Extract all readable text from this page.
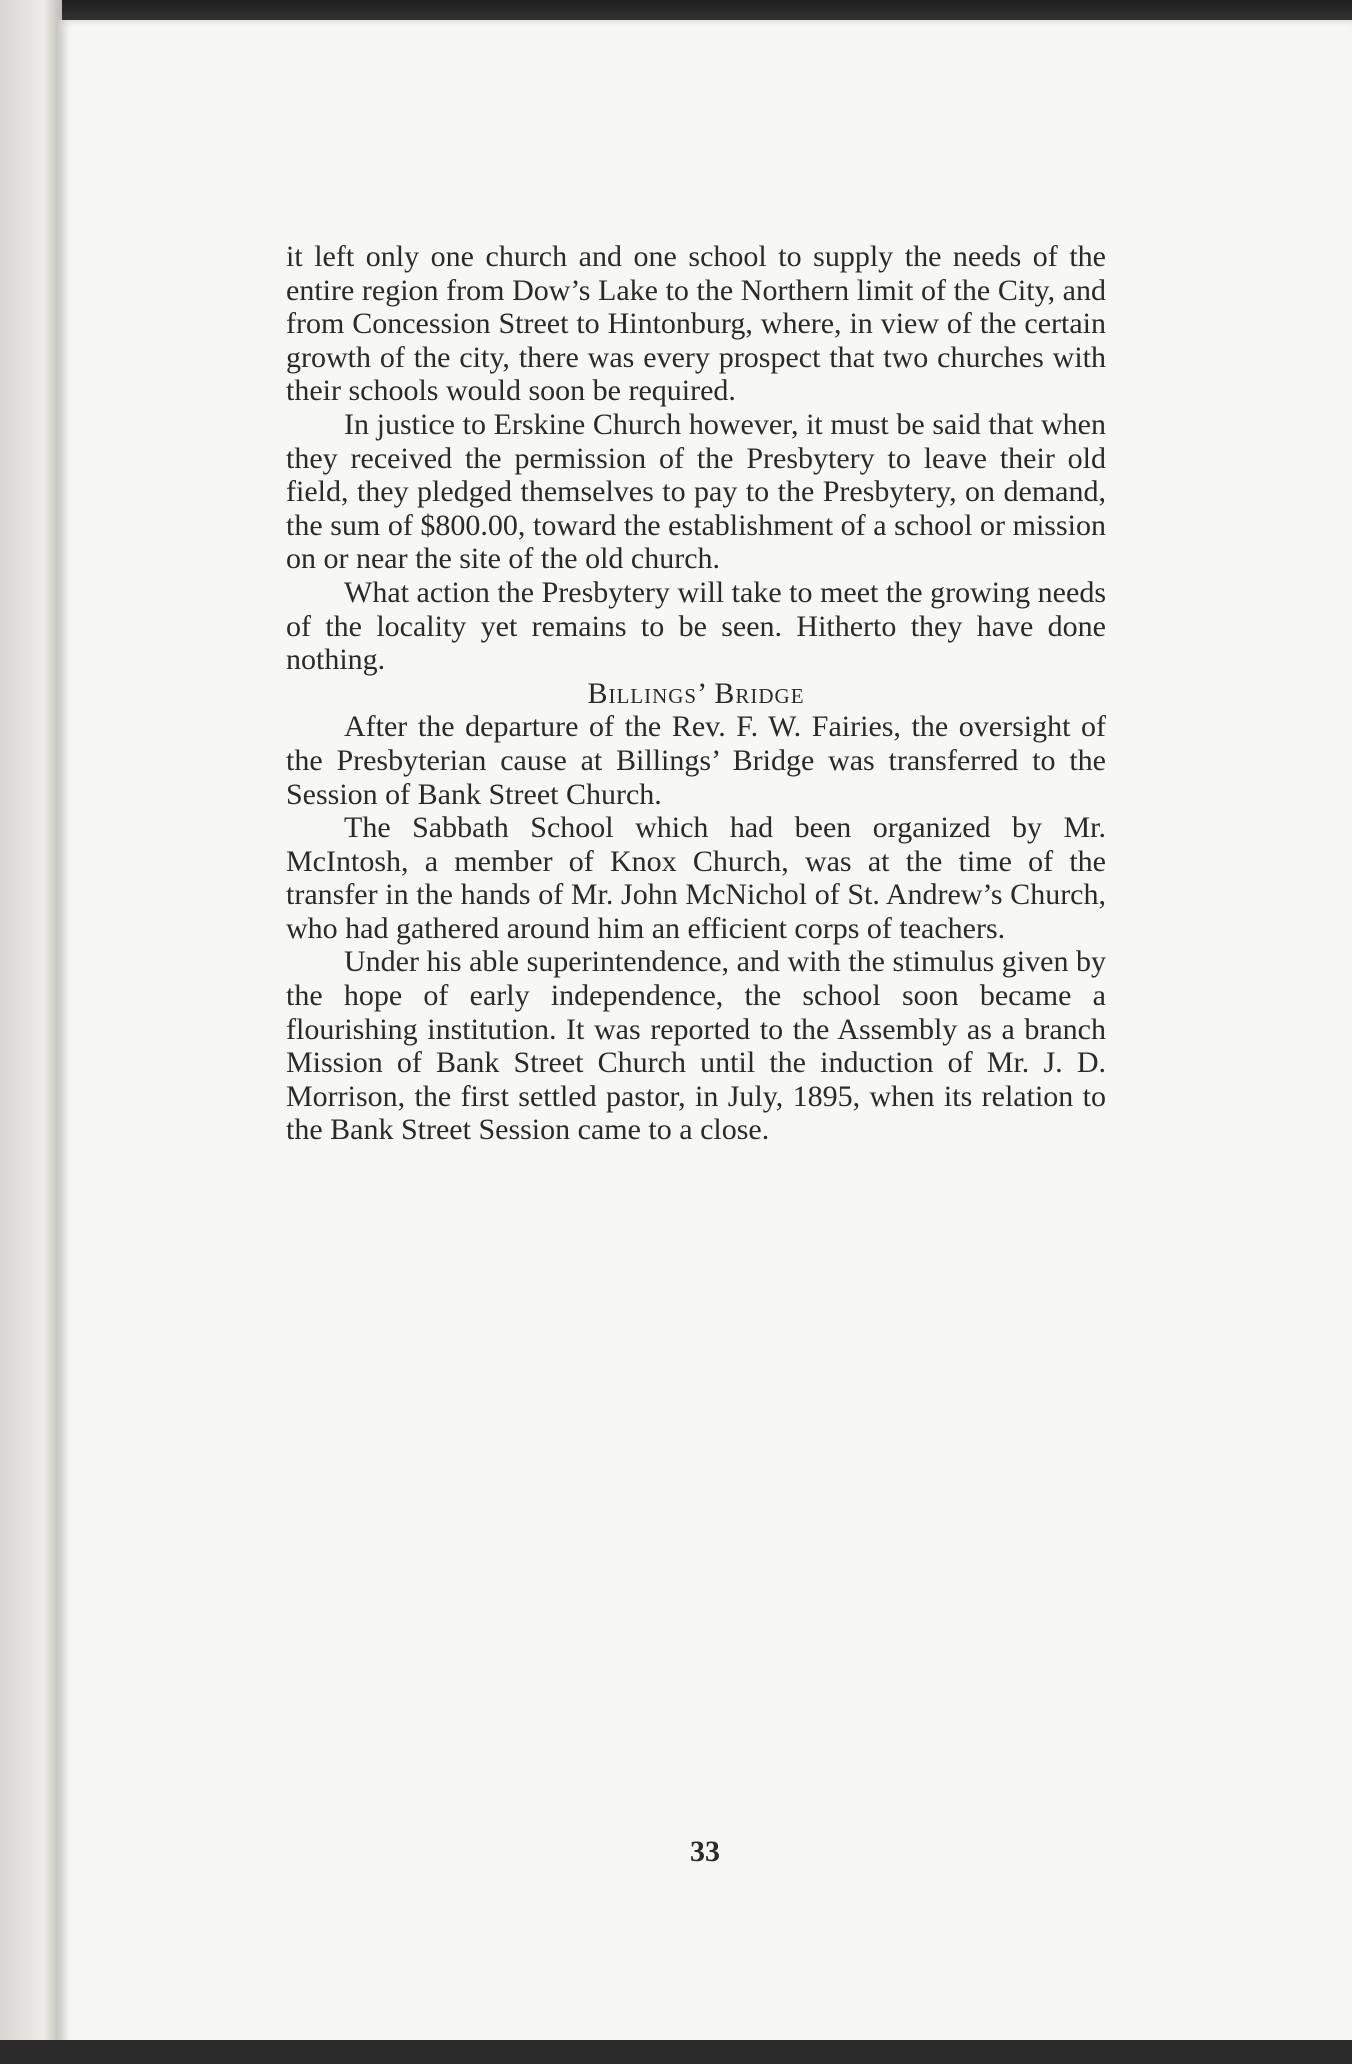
it left only one church and one school to supply the needs of the entire region from Dow’s Lake to the Northern limit of the City, and from Concession Street to Hintonburg, where, in view of the certain growth of the city, there was every prospect that two churches with their schools would soon be required.

In justice to Erskine Church however, it must be said that when they received the permission of the Presbytery to leave their old field, they pledged themselves to pay to the Presbytery, on demand, the sum of $800.00, toward the establishment of a school or mission on or near the site of the old church.

What action the Presbytery will take to meet the growing needs of the locality yet remains to be seen. Hitherto they have done nothing.

Billings’ Bridge

After the departure of the Rev. F. W. Fairies, the oversight of the Presbyterian cause at Billings’ Bridge was transferred to the Session of Bank Street Church.

The Sabbath School which had been organized by Mr. McIntosh, a member of Knox Church, was at the time of the transfer in the hands of Mr. John McNichol of St. Andrew’s Church, who had gathered around him an efficient corps of teachers.

Under his able superintendence, and with the stimulus given by the hope of early independence, the school soon became a flourishing institution. It was reported to the Assembly as a branch Mission of Bank Street Church until the induction of Mr. J. D. Morrison, the first settled pastor, in July, 1895, when its relation to the Bank Street Session came to a close.

33
